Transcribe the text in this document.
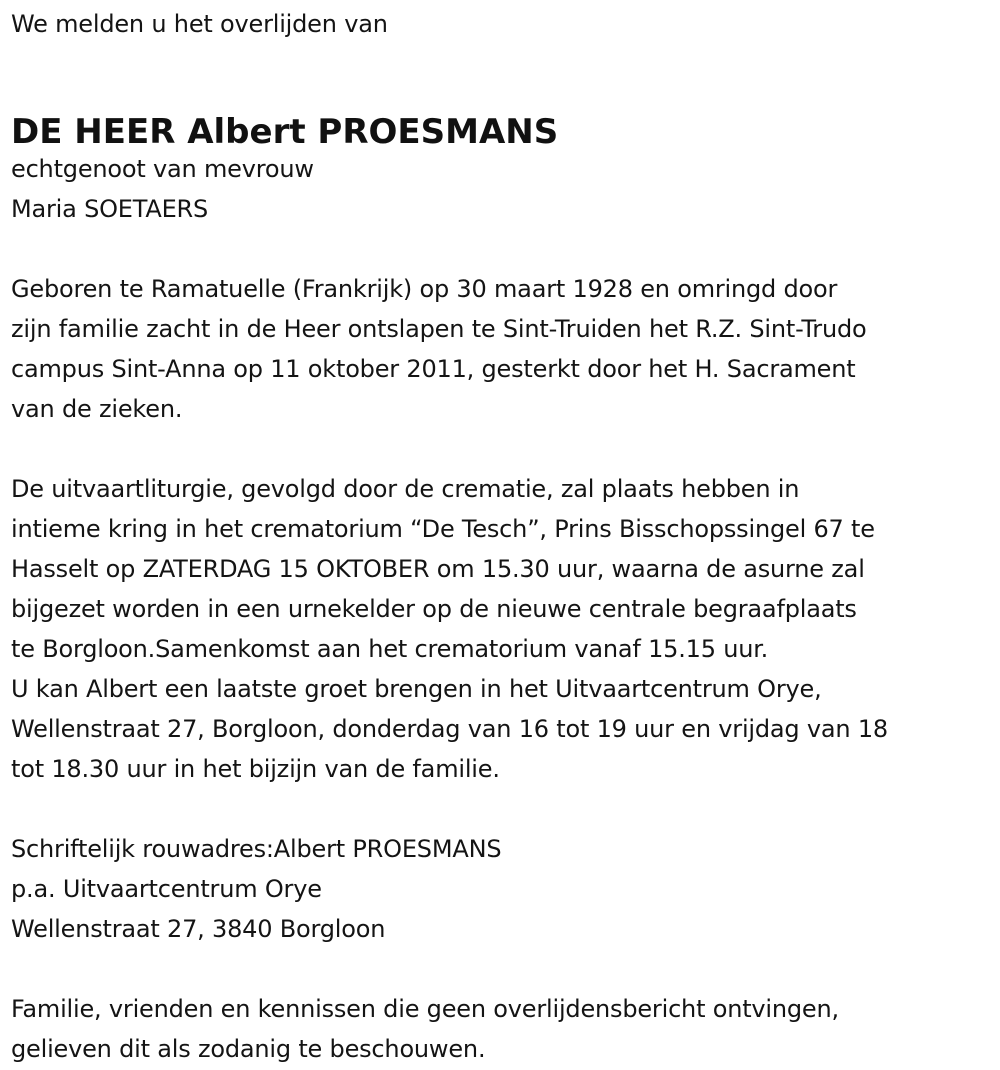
We melden u het overlijden van

DE HEER Albert PROESMANS

echtgenoot van mevrouw
Maria SOETAERS

Geboren te Ramatuelle (Frankrijk) op 30 maart 1928 en omringd door
zijn familie zacht in de Heer ontslapen te Sint-Truiden het R.Z. Sint-Trudo
campus Sint-Anna op 11 oktober 2011, gesterkt door het H. Sacrament
van de zieken.

De uitvaartliturgie, gevolgd door de crematie, zal plaats hebben in
intieme kring in het crematorium “De Tesch”, Prins Bisschopssingel 67 te
Hasselt op ZATERDAG 15 OKTOBER om 15.30 uur, waarna de asurne zal
bijgezet worden in een urnekelder op de nieuwe centrale begraafplaats
te Borgloon.Samenkomst aan het crematorium vanaf 15.15 uur.
U kan Albert een laatste groet brengen in het Uitvaartcentrum Orye,
Wellenstraat 27, Borgloon, donderdag van 16 tot 19 uur en vrijdag van 18
tot 18.30 uur in het bijzijn van de familie.

Schriftelijk rouwadres:Albert PROESMANS
p.a. Uitvaartcentrum Orye
Wellenstraat 27, 3840 Borgloon

Familie, vrienden en kennissen die geen overlijdensbericht ontvingen,
gelieven dit als zodanig te beschouwen.
